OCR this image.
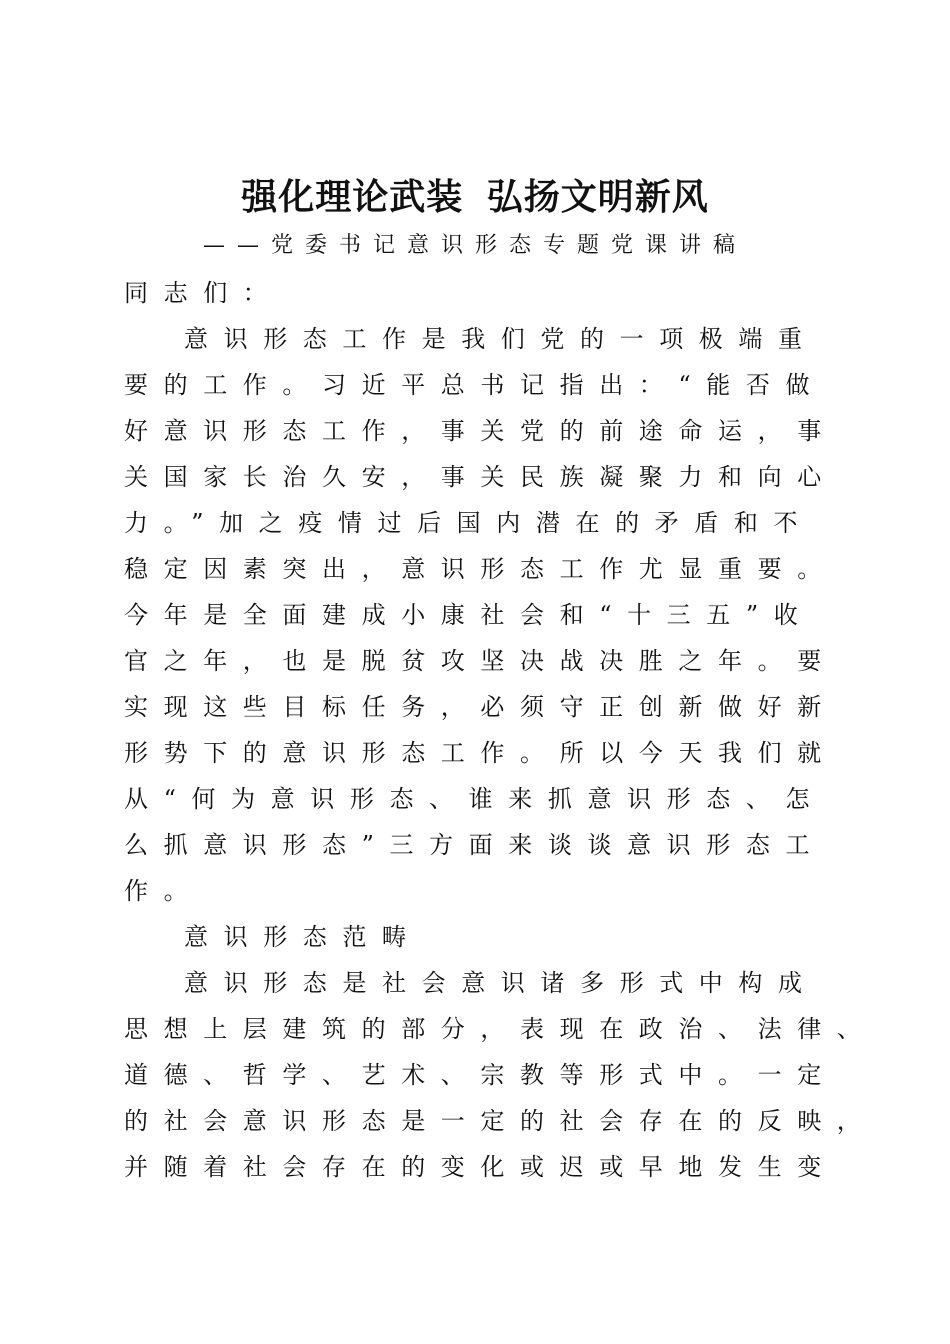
强化理论武装 弘扬文明新风
——党委书记意识形态专题党课讲稿
同志们：
意识形态工作是我们党的一项极端重
要的工作。习近平总书记指出：“能否做
好意识形态工作，事关党的前途命运，事
关国家长治久安，事关民族凝聚力和向心
力。”加之疫情过后国内潜在的矛盾和不
稳定因素突出，意识形态工作尤显重要。
今年是全面建成小康社会和“十三五”收
官之年，也是脱贫攻坚决战决胜之年。要
实现这些目标任务，必须守正创新做好新
形势下的意识形态工作。所以今天我们就
从“何为意识形态、谁来抓意识形态、怎
么抓意识形态”三方面来谈谈意识形态工
作。
意识形态范畴
意识形态是社会意识诸多形式中构成
思想上层建筑的部分，表现在政治、法律、
道德、哲学、艺术、宗教等形式中。一定
的社会意识形态是一定的社会存在的反映，
并随着社会存在的变化或迟或早地发生变
